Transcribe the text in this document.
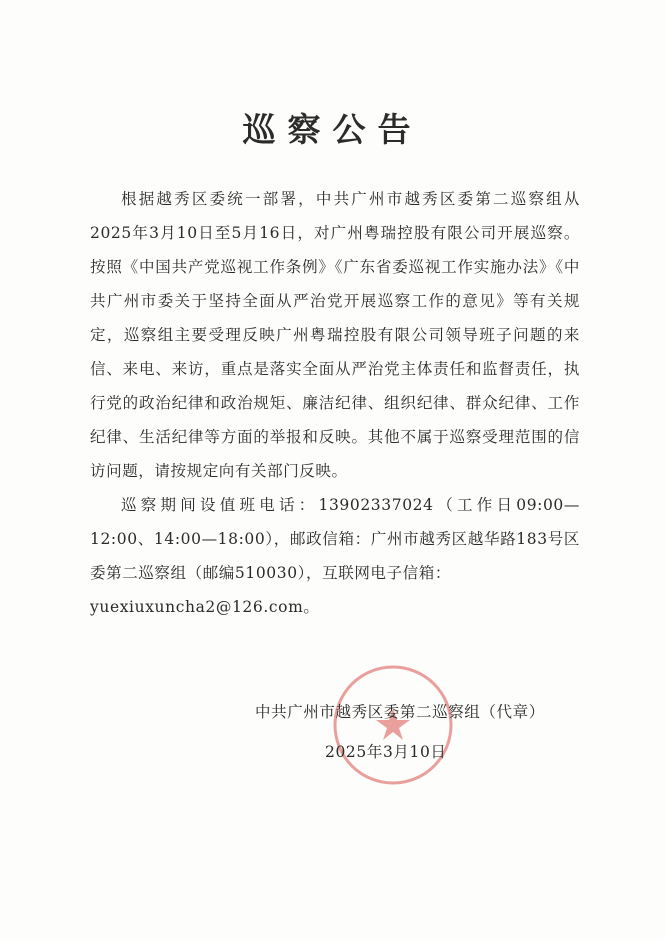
巡察公告

根据越秀区委统一部署，中共广州市越秀区委第二巡察组从2025年3月10日至5月16日，对广州粤瑞控股有限公司开展巡察。按照《中国共产党巡视工作条例》《广东省委巡视工作实施办法》《中共广州市委关于坚持全面从严治党开展巡察工作的意见》等有关规定，巡察组主要受理反映广州粤瑞控股有限公司领导班子问题的来信、来电、来访，重点是落实全面从严治党主体责任和监督责任，执行党的政治纪律和政治规矩、廉洁纪律、组织纪律、群众纪律、工作纪律、生活纪律等方面的举报和反映。其他不属于巡察受理范围的信访问题，请按规定向有关部门反映。

巡察期间设值班电话：13902337024（工作日09:00—12:00、14:00—18:00），邮政信箱：广州市越秀区越华路183号区委第二巡察组（邮编510030），互联网电子信箱：

yuexiuxuncha2@126.com。

中共广州市越秀区委第二巡察组（代章）
2025年3月10日
